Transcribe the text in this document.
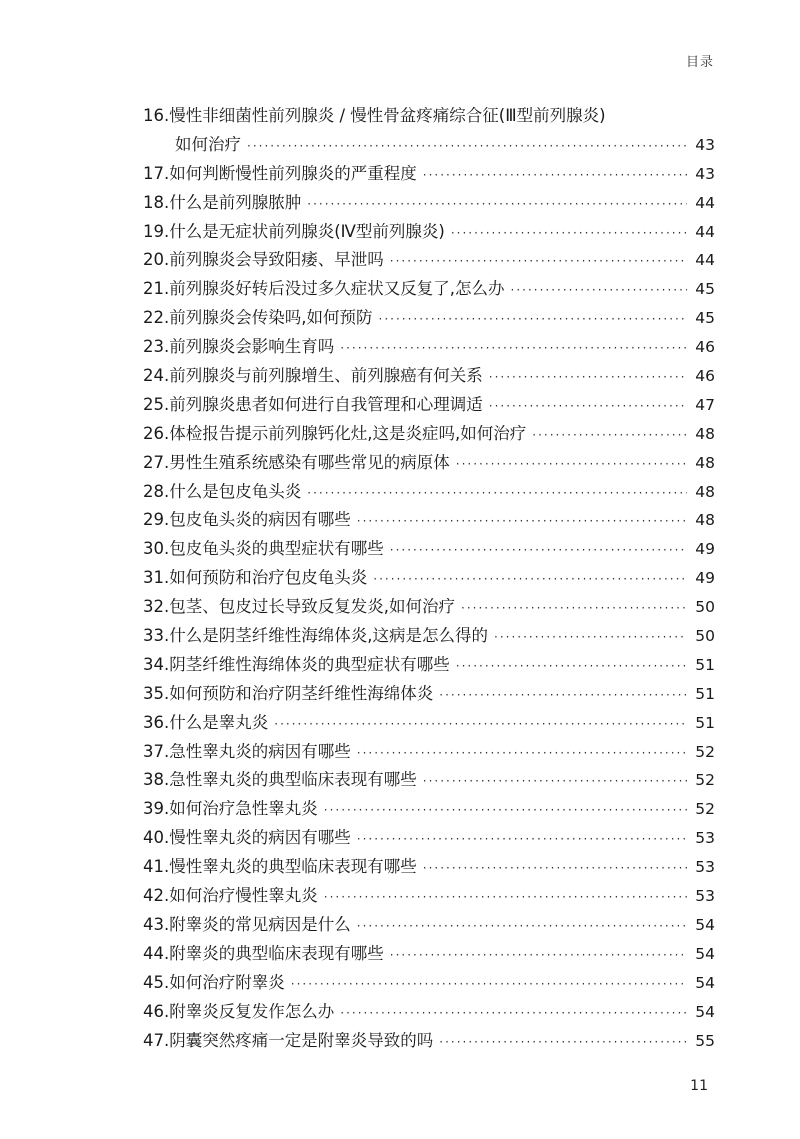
目录
16. 慢性非细菌性前列腺炎 / 慢性骨盆疼痛综合征(Ⅲ型前列腺炎)
如何治疗 ·····	43
17. 如何判断慢性前列腺炎的严重程度 ·····	43
18. 什么是前列腺脓肿 ·····	44
19. 什么是无症状前列腺炎(Ⅳ型前列腺炎) ·····	44
20. 前列腺炎会导致阳痿、早泄吗 ·····	44
21. 前列腺炎好转后没过多久症状又反复了,怎么办 ·····	45
22. 前列腺炎会传染吗,如何预防 ·····	45
23. 前列腺炎会影响生育吗 ·····	46
24. 前列腺炎与前列腺增生、前列腺癌有何关系 ·····	46
25. 前列腺炎患者如何进行自我管理和心理调适 ·····	47
26. 体检报告提示前列腺钙化灶,这是炎症吗,如何治疗 ·····	48
27. 男性生殖系统感染有哪些常见的病原体 ·····	48
28. 什么是包皮龟头炎 ·····	48
29. 包皮龟头炎的病因有哪些 ·····	48
30. 包皮龟头炎的典型症状有哪些 ·····	49
31. 如何预防和治疗包皮龟头炎 ·····	49
32. 包茎、包皮过长导致反复发炎,如何治疗 ·····	50
33. 什么是阴茎纤维性海绵体炎,这病是怎么得的 ·····	50
34. 阴茎纤维性海绵体炎的典型症状有哪些 ·····	51
35. 如何预防和治疗阴茎纤维性海绵体炎 ·····	51
36. 什么是睾丸炎 ·····	51
37. 急性睾丸炎的病因有哪些 ·····	52
38. 急性睾丸炎的典型临床表现有哪些 ·····	52
39. 如何治疗急性睾丸炎 ·····	52
40. 慢性睾丸炎的病因有哪些 ·····	53
41. 慢性睾丸炎的典型临床表现有哪些 ·····	53
42. 如何治疗慢性睾丸炎 ·····	53
43. 附睾炎的常见病因是什么 ·····	54
44. 附睾炎的典型临床表现有哪些 ·····	54
45. 如何治疗附睾炎 ·····	54
46. 附睾炎反复发作怎么办 ·····	54
47. 阴囊突然疼痛一定是附睾炎导致的吗 ·····	55
11
